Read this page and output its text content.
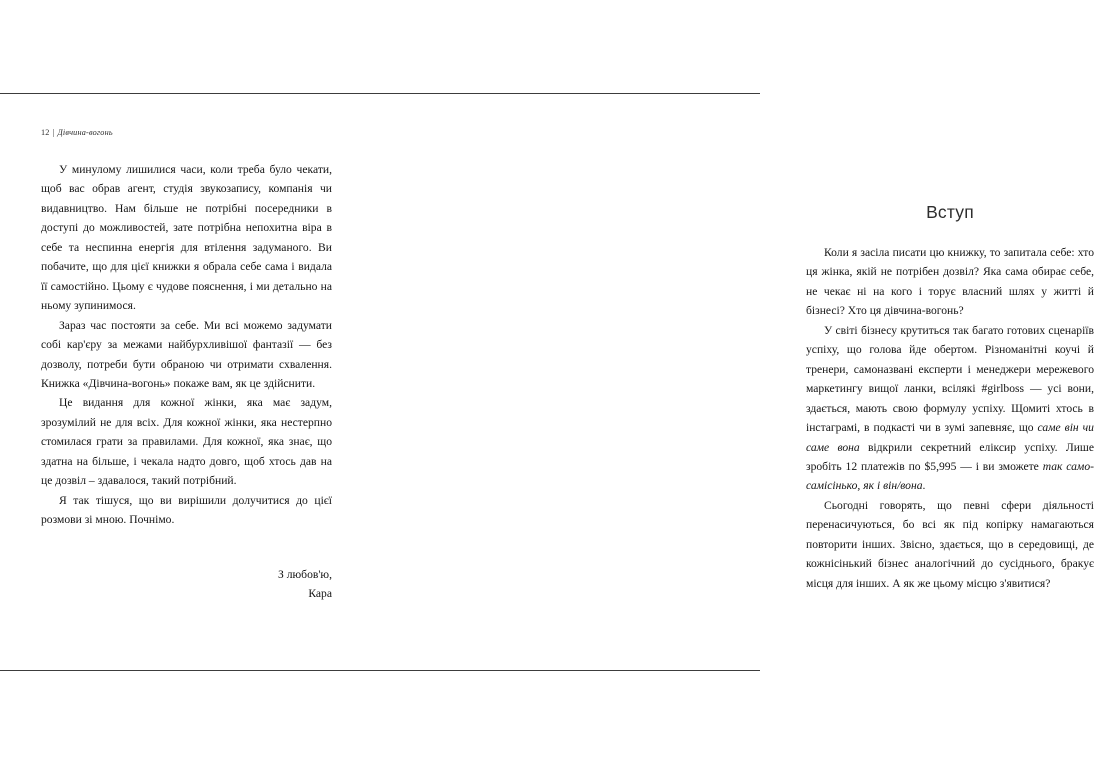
12 | Дівчина-вогонь

У минулому лишилися часи, коли треба було чекати, щоб вас обрав агент, студія звукозапису, компанія чи видавництво. Нам більше не потрібні посередники в доступі до можливостей, зате потрібна непохитна віра в себе та неспинна енергія для втілення задуманого. Ви побачите, що для цієї книжки я обрала себе сама і видала її самостійно. Цьому є чудове пояснення, і ми детально на ньому зупинимося.

Зараз час постояти за себе. Ми всі можемо задумати собі кар'єру за межами найбурхливішої фантазії — без дозволу, потреби бути обраною чи отримати схвалення. Книжка «Дівчина-вогонь» покаже вам, як це здійснити.

Це видання для кожної жінки, яка має задум, зрозумілий не для всіх. Для кожної жінки, яка нестерпно стомилася грати за правилами. Для кожної, яка знає, що здатна на більше, і чекала надто довго, щоб хтось дав на це дозвіл – здавалося, такий потрібний.

Я так тішуся, що ви вирішили долучитися до цієї розмови зі мною. Почнімо.

З любов'ю,
Кара
Вступ

Коли я засіла писати цю книжку, то запитала себе: хто ця жінка, якій не потрібен дозвіл? Яка сама обирає себе, не чекає ні на кого і торує власний шлях у житті й бізнесі? Хто ця дівчина-вогонь?

У світі бізнесу крутиться так багато готових сценаріїв успіху, що голова йде обертом. Різноманітні коучі й тренери, самоназвані експерти і менеджери мережевого маркетингу вищої ланки, всілякі #girlboss — усі вони, здається, мають свою формулу успіху. Щомиті хтось в інстаграмі, в подкасті чи в зумі запевняє, що саме він чи саме вона відкрили секретний еліксир успіху. Лише зробіть 12 платежів по $5,995 — і ви зможете так само-самісінько, як і він/вона.

Сьогодні говорять, що певні сфери діяльності перенасичуються, бо всі як під копірку намагаються повторити інших. Звісно, здається, що в середовищі, де кожнісінький бізнес аналогічний до сусіднього, бракує місця для інших. А як же цьому місцю з'явитися?
